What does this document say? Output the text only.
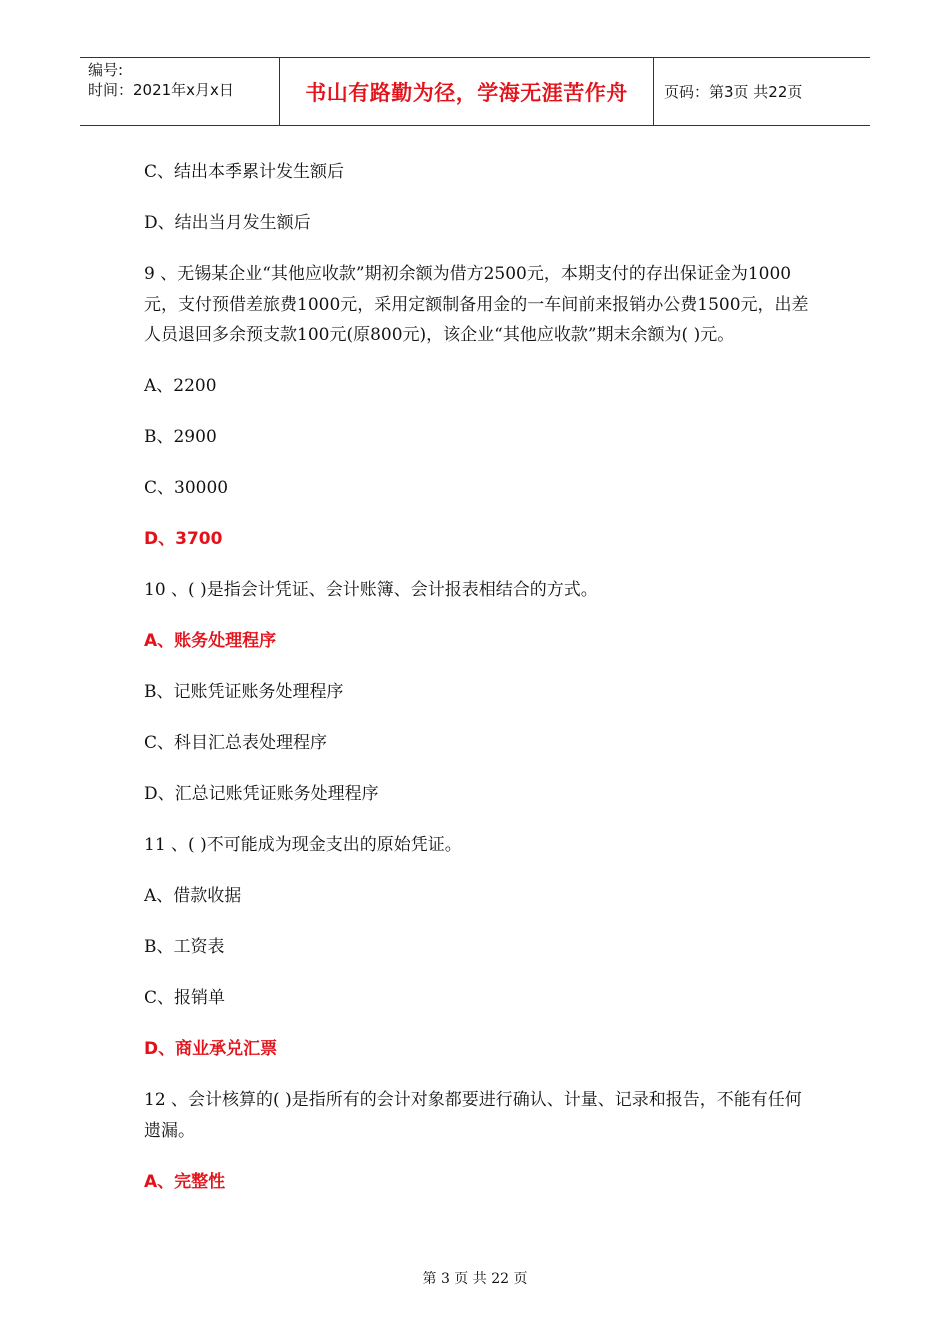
编号:
时间：2021年x月x日	书山有路勤为径，学海无涯苦作舟	页码：第3页 共22页

C、结出本季累计发生额后

D、结出当月发生额后

9 、无锡某企业“其他应收款”期初余额为借方2500元，本期支付的存出保证金为1000元，支付预借差旅费1000元，采用定额制备用金的一车间前来报销办公费1500元，出差人员退回多余预支款100元(原800元)，该企业“其他应收款”期末余额为( )元。

A、2200

B、2900

C、30000

D、3700

10 、( )是指会计凭证、会计账簿、会计报表相结合的方式。

A、账务处理程序

B、记账凭证账务处理程序

C、科目汇总表处理程序

D、汇总记账凭证账务处理程序

11 、( )不可能成为现金支出的原始凭证。

A、借款收据

B、工资表

C、报销单

D、商业承兑汇票

12 、会计核算的( )是指所有的会计对象都要进行确认、计量、记录和报告，不能有任何遗漏。

A、完整性

第 3 页 共 22 页
